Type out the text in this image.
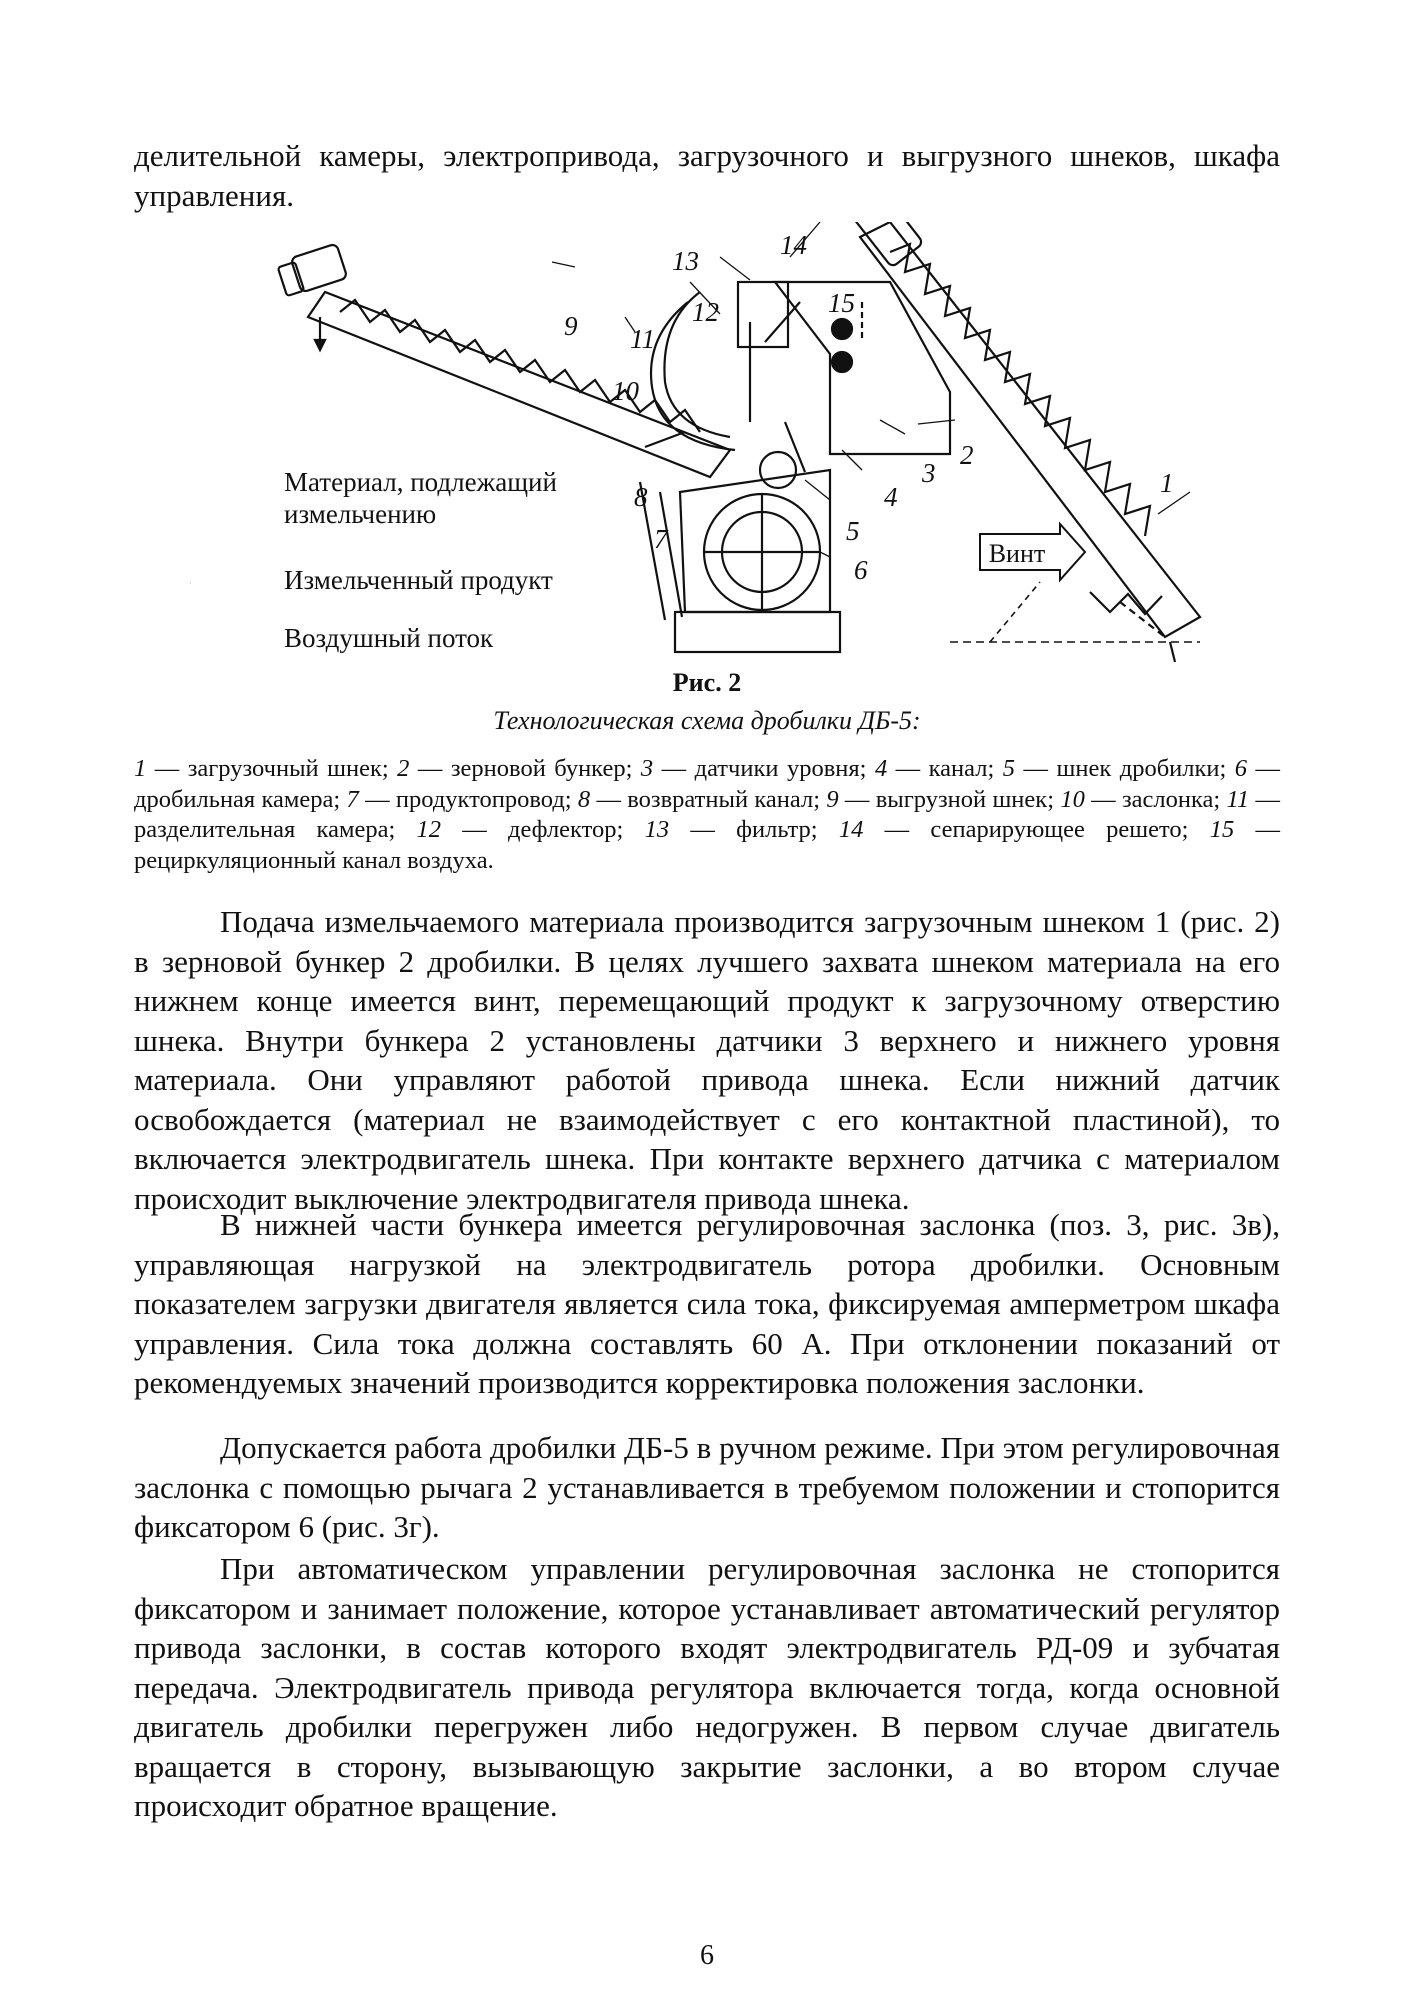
делительной камеры, электропривода, загрузочного и выгрузного шнеков, шкафа управления.

Винт
Материал, подлежащий измельчению
Измельченный продукт
Воздушный поток
1
2
3
4
5
6
7
8
9
10
11
12
13
14
15

Рис. 2

Технологическая схема дробилки ДБ-5:

1 — загрузочный шнек; 2 — зерновой бункер; 3 — датчики уровня; 4 — канал; 5 — шнек дробилки; 6 — дробильная камера; 7 — продуктопровод; 8 — возвратный канал; 9 — выгрузной шнек; 10 — заслонка; 11 — разделительная камера; 12 — дефлектор; 13 — фильтр; 14 — сепарирующее решето; 15 — рециркуляционный канал воздуха.

Подача измельчаемого материала производится загрузочным шнеком 1 (рис. 2) в зерновой бункер 2 дробилки. В целях лучшего захвата шнеком материала на его нижнем конце имеется винт, перемещающий продукт к загрузочному отверстию шнека. Внутри бункера 2 установлены датчики 3 верхнего и нижнего уровня материала. Они управляют работой привода шнека. Если нижний датчик освобождается (материал не взаимодействует с его контактной пластиной), то включается электродвигатель шнека. При контакте верхнего датчика с материалом происходит выключение электродвигателя привода шнека.

В нижней части бункера имеется регулировочная заслонка (поз. 3, рис. 3в), управляющая нагрузкой на электродвигатель ротора дробилки. Основным показателем загрузки двигателя является сила тока, фиксируемая амперметром шкафа управления. Сила тока должна составлять 60 А. При отклонении показаний от рекомендуемых значений производится корректировка положения заслонки.

Допускается работа дробилки ДБ-5 в ручном режиме. При этом регулировочная заслонка с помощью рычага 2 устанавливается в требуемом положении и стопорится фиксатором 6 (рис. 3г).

При автоматическом управлении регулировочная заслонка не стопорится фиксатором и занимает положение, которое устанавливает автоматический регулятор привода заслонки, в состав которого входят электродвигатель РД-09 и зубчатая передача. Электродвигатель привода регулятора включается тогда, когда основной двигатель дробилки перегружен либо недогружен. В первом случае двигатель вращается в сторону, вызывающую закрытие заслонки, а во втором случае происходит обратное вращение.

6
